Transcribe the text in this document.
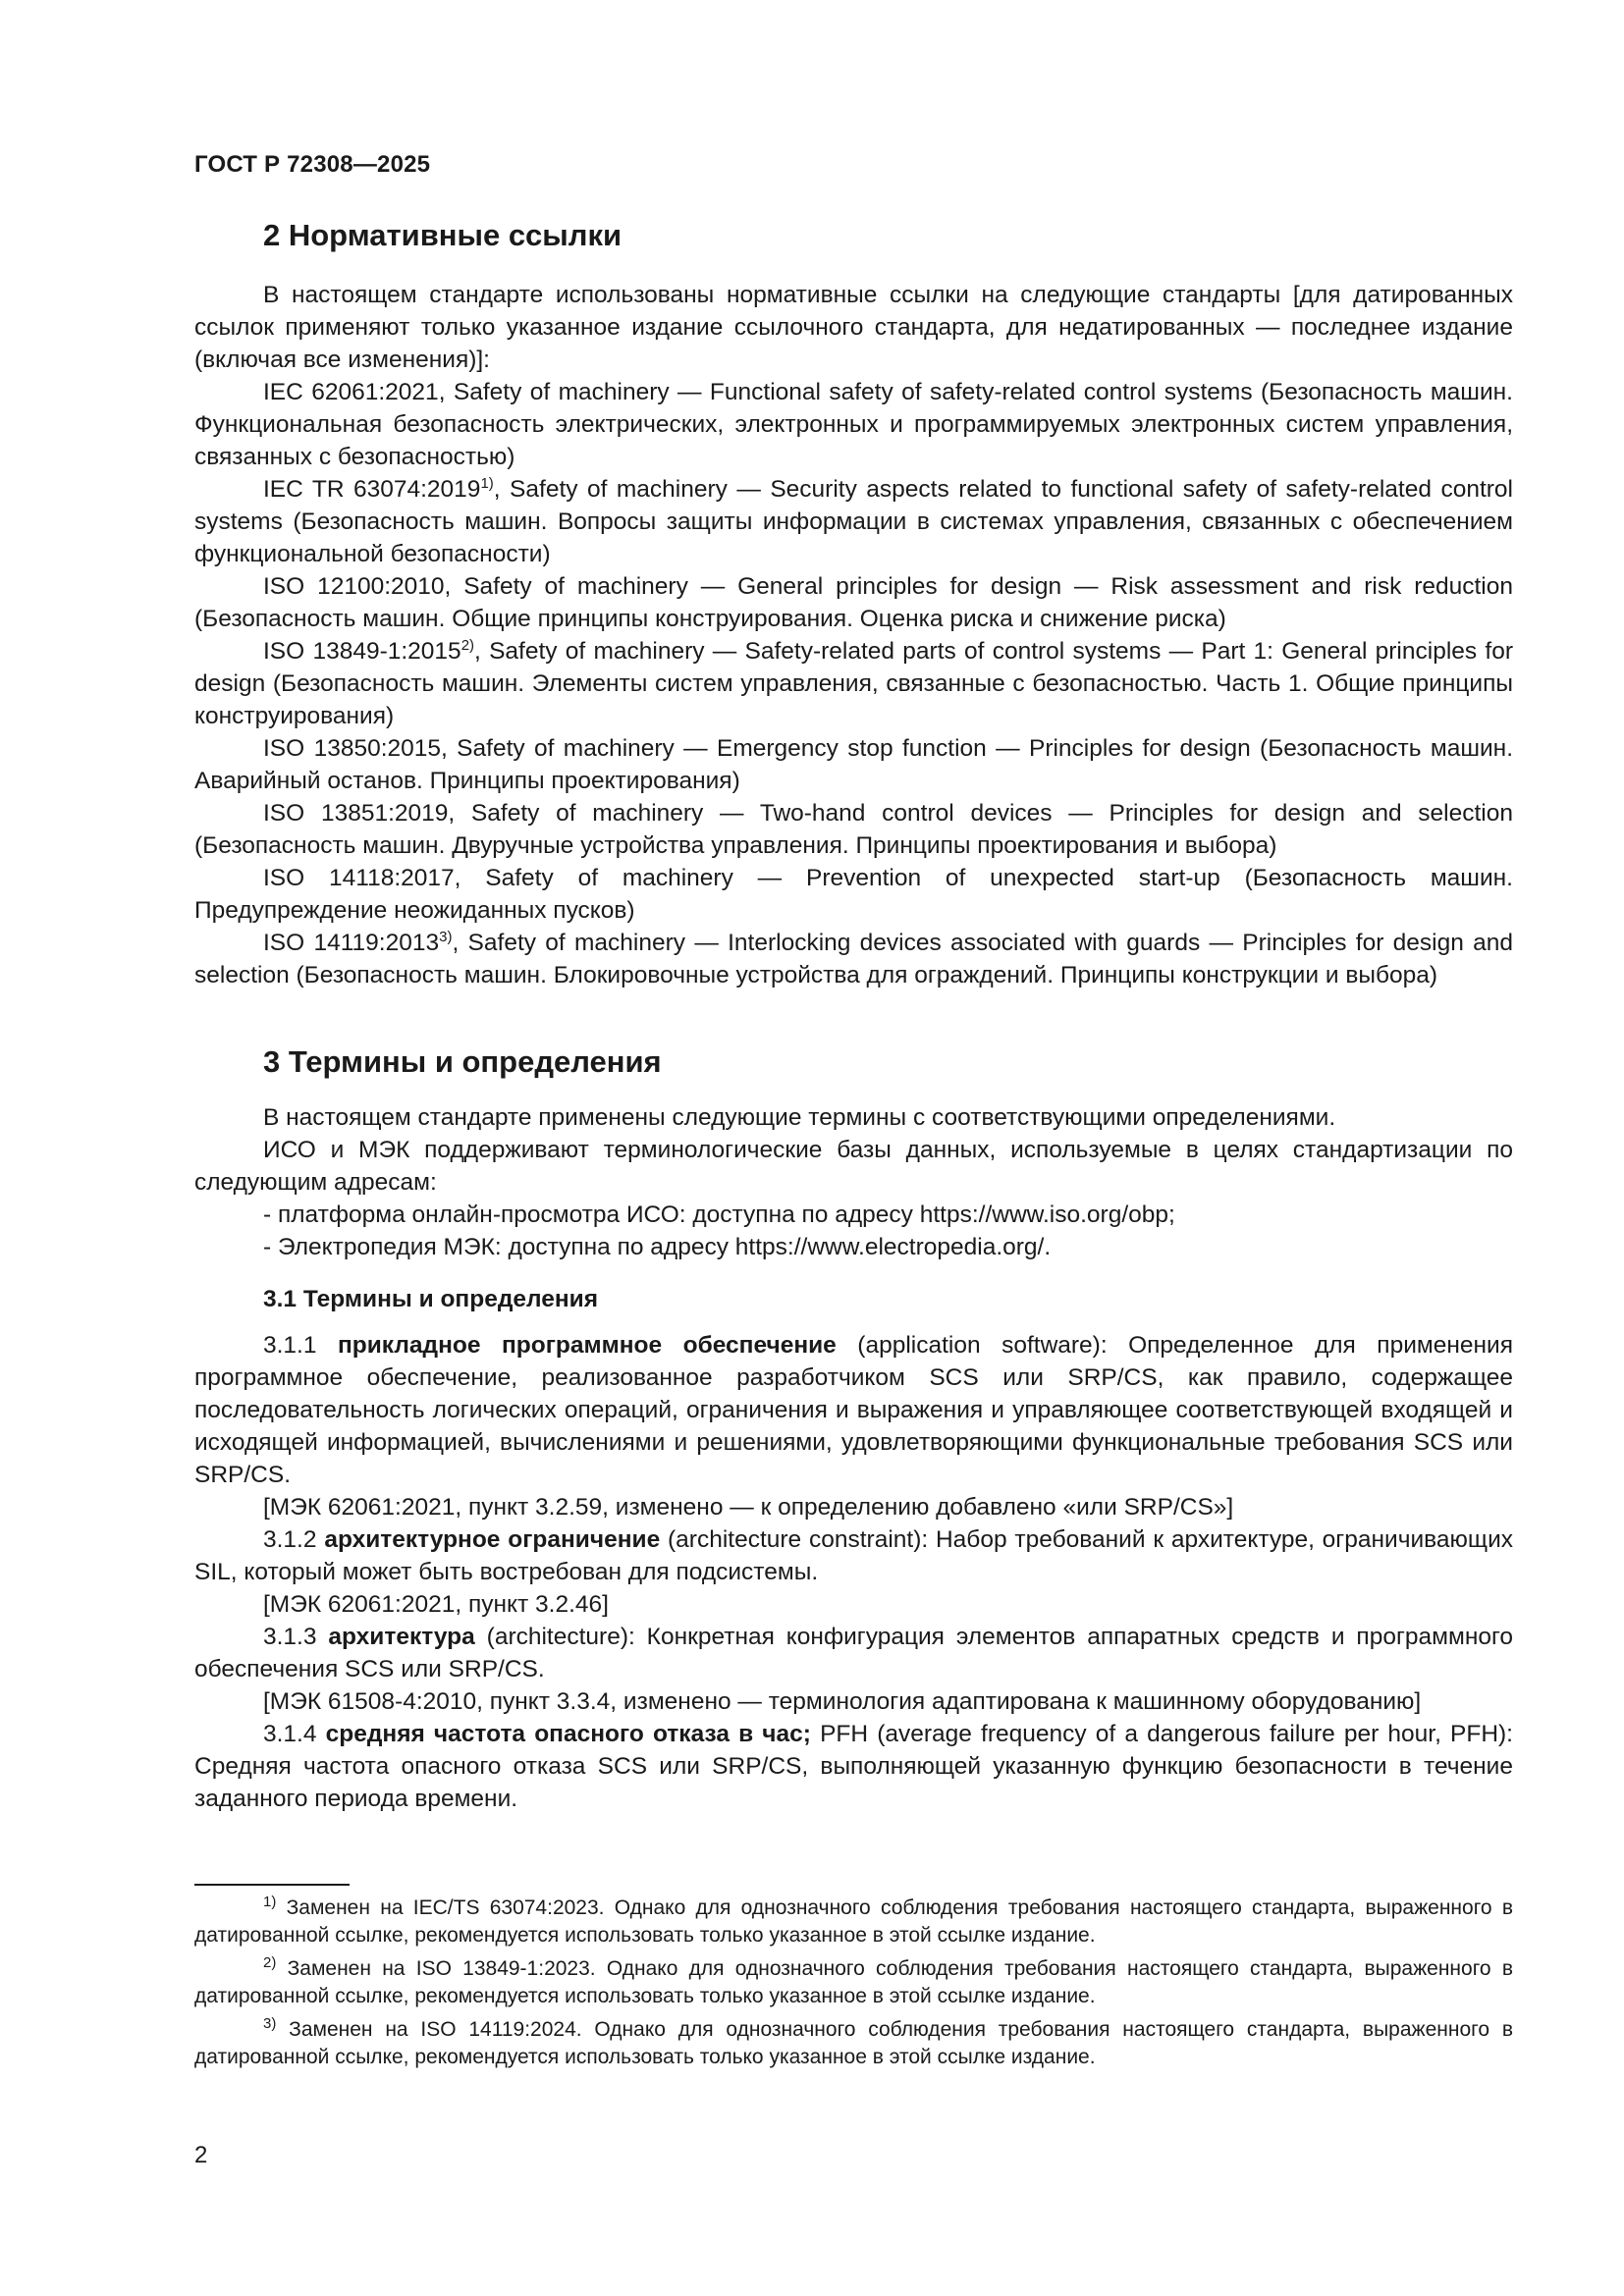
ГОСТ Р 72308—2025
2 Нормативные ссылки

В настоящем стандарте использованы нормативные ссылки на следующие стандарты [для датированных ссылок применяют только указанное издание ссылочного стандарта, для недатированных — последнее издание (включая все изменения)]:

IEC 62061:2021, Safety of machinery — Functional safety of safety-related control systems (Безопасность машин. Функциональная безопасность электрических, электронных и программируемых электронных систем управления, связанных с безопасностью)

IEC TR 63074:2019$^{1)}$, Safety of machinery — Security aspects related to functional safety of safety-related control systems (Безопасность машин. Вопросы защиты информации в системах управления, связанных с обеспечением функциональной безопасности)

ISO 12100:2010, Safety of machinery — General principles for design — Risk assessment and risk reduction (Безопасность машин. Общие принципы конструирования. Оценка риска и снижение риска)

ISO 13849-1:2015$^{2)}$, Safety of machinery — Safety-related parts of control systems — Part 1: General principles for design (Безопасность машин. Элементы систем управления, связанные с безопасностью. Часть 1. Общие принципы конструирования)

ISO 13850:2015, Safety of machinery — Emergency stop function — Principles for design (Безопасность машин. Аварийный останов. Принципы проектирования)

ISO 13851:2019, Safety of machinery — Two-hand control devices — Principles for design and selection (Безопасность машин. Двуручные устройства управления. Принципы проектирования и выбора)

ISO 14118:2017, Safety of machinery — Prevention of unexpected start-up (Безопасность машин. Предупреждение неожиданных пусков)

ISO 14119:2013$^{3)}$, Safety of machinery — Interlocking devices associated with guards — Principles for design and selection (Безопасность машин. Блокировочные устройства для ограждений. Принципы конструкции и выбора)

3 Термины и определения

В настоящем стандарте применены следующие термины с соответствующими определениями.

ИСО и МЭК поддерживают терминологические базы данных, используемые в целях стандартизации по следующим адресам:

- платформа онлайн-просмотра ИСО: доступна по адресу https://www.iso.org/obp;

- Электропедия МЭК: доступна по адресу https://www.electropedia.org/.

3.1 Термины и определения

3.1.1 прикладное программное обеспечение (application software): Определенное для применения программное обеспечение, реализованное разработчиком SCS или SRP/CS, как правило, содержащее последовательность логических операций, ограничения и выражения и управляющее соответствующей входящей и исходящей информацией, вычислениями и решениями, удовлетворяющими функциональные требования SCS или SRP/CS.

[МЭК 62061:2021, пункт 3.2.59, изменено — к определению добавлено «или SRP/CS»]

3.1.2 архитектурное ограничение (architecture constraint): Набор требований к архитектуре, ограничивающих SIL, который может быть востребован для подсистемы.

[МЭК 62061:2021, пункт 3.2.46]

3.1.3 архитектура (architecture): Конкретная конфигурация элементов аппаратных средств и программного обеспечения SCS или SRP/CS.

[МЭК 61508-4:2010, пункт 3.3.4, изменено — терминология адаптирована к машинному оборудованию]

3.1.4 средняя частота опасного отказа в час; PFH (average frequency of a dangerous failure per hour, PFH): Средняя частота опасного отказа SCS или SRP/CS, выполняющей указанную функцию безопасности в течение заданного периода времени.

$^{1)}$ Заменен на IEC/TS 63074:2023. Однако для однозначного соблюдения требования настоящего стандарта, выраженного в датированной ссылке, рекомендуется использовать только указанное в этой ссылке издание.

$^{2)}$ Заменен на ISO 13849-1:2023. Однако для однозначного соблюдения требования настоящего стандарта, выраженного в датированной ссылке, рекомендуется использовать только указанное в этой ссылке издание.

$^{3)}$ Заменен на ISO 14119:2024. Однако для однозначного соблюдения требования настоящего стандарта, выраженного в датированной ссылке, рекомендуется использовать только указанное в этой ссылке издание.

2
